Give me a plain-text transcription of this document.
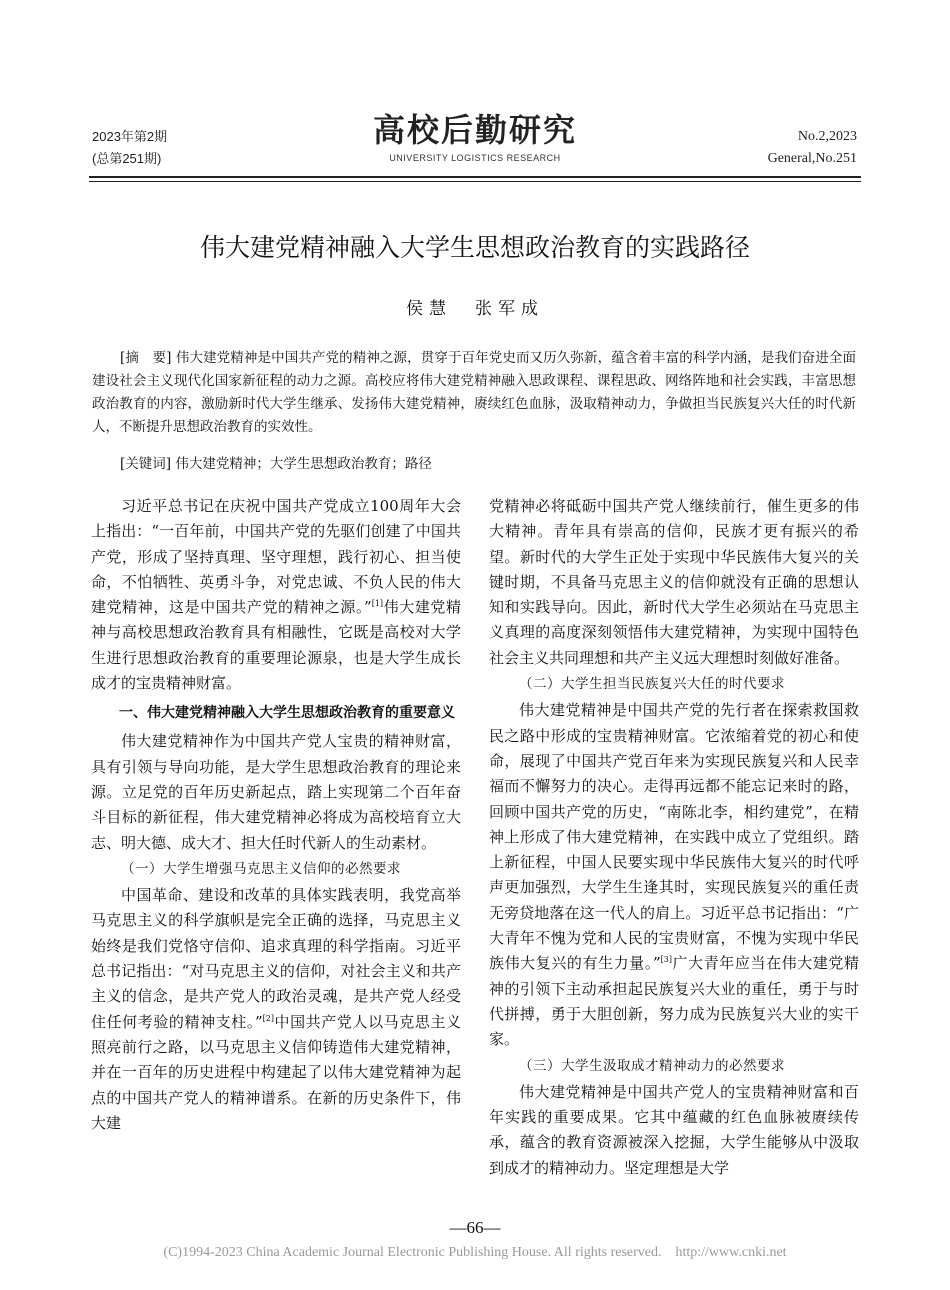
2023年第2期
(总第251期)
高校后勤研究
UNIVERSITY LOGISTICS RESEARCH
No.2,2023
General,No.251
伟大建党精神融入大学生思想政治教育的实践路径
侯慧　张军成
[摘　要] 伟大建党精神是中国共产党的精神之源，贯穿于百年党史而又历久弥新，蕴含着丰富的科学内涵，是我们奋进全面建设社会主义现代化国家新征程的动力之源。高校应将伟大建党精神融入思政课程、课程思政、网络阵地和社会实践，丰富思想政治教育的内容，激励新时代大学生继承、发扬伟大建党精神，赓续红色血脉，汲取精神动力，争做担当民族复兴大任的时代新人，不断提升思想政治教育的实效性。
[关键词] 伟大建党精神；大学生思想政治教育；路径

习近平总书记在庆祝中国共产党成立100周年大会上指出：“一百年前，中国共产党的先驱们创建了中国共产党，形成了坚持真理、坚守理想，践行初心、担当使命，不怕牺牲、英勇斗争，对党忠诚、不负人民的伟大建党精神，这是中国共产党的精神之源。”[1]伟大建党精神与高校思想政治教育具有相融性，它既是高校对大学生进行思想政治教育的重要理论源泉，也是大学生成长成才的宝贵精神财富。

一、伟大建党精神融入大学生思想政治教育的重要意义

伟大建党精神作为中国共产党人宝贵的精神财富，具有引领与导向功能，是大学生思想政治教育的理论来源。立足党的百年历史新起点，踏上实现第二个百年奋斗目标的新征程，伟大建党精神必将成为高校培育立大志、明大德、成大才、担大任时代新人的生动素材。

（一）大学生增强马克思主义信仰的必然要求

中国革命、建设和改革的具体实践表明，我党高举马克思主义的科学旗帜是完全正确的选择，马克思主义始终是我们党恪守信仰、追求真理的科学指南。习近平总书记指出：“对马克思主义的信仰，对社会主义和共产主义的信念，是共产党人的政治灵魂，是共产党人经受住任何考验的精神支柱。”[2]中国共产党人以马克思主义照亮前行之路，以马克思主义信仰铸造伟大建党精神，并在一百年的历史进程中构建起了以伟大建党精神为起点的中国共产党人的精神谱系。在新的历史条件下，伟大建

党精神必将砥砺中国共产党人继续前行，催生更多的伟大精神。青年具有崇高的信仰，民族才更有振兴的希望。新时代的大学生正处于实现中华民族伟大复兴的关键时期，不具备马克思主义的信仰就没有正确的思想认知和实践导向。因此，新时代大学生必须站在马克思主义真理的高度深刻领悟伟大建党精神，为实现中国特色社会主义共同理想和共产主义远大理想时刻做好准备。

（二）大学生担当民族复兴大任的时代要求

伟大建党精神是中国共产党的先行者在探索救国救民之路中形成的宝贵精神财富。它浓缩着党的初心和使命，展现了中国共产党百年来为实现民族复兴和人民幸福而不懈努力的决心。走得再远都不能忘记来时的路，回顾中国共产党的历史，“南陈北李，相约建党”，在精神上形成了伟大建党精神，在实践中成立了党组织。踏上新征程，中国人民要实现中华民族伟大复兴的时代呼声更加强烈，大学生生逢其时，实现民族复兴的重任责无旁贷地落在这一代人的肩上。习近平总书记指出：“广大青年不愧为党和人民的宝贵财富，不愧为实现中华民族伟大复兴的有生力量。”[3]广大青年应当在伟大建党精神的引领下主动承担起民族复兴大业的重任，勇于与时代拼搏，勇于大胆创新，努力成为民族复兴大业的实干家。

（三）大学生汲取成才精神动力的必然要求

伟大建党精神是中国共产党人的宝贵精神财富和百年实践的重要成果。它其中蕴藏的红色血脉被赓续传承，蕴含的教育资源被深入挖掘，大学生能够从中汲取到成才的精神动力。坚定理想是大学

—66—
(C)1994-2023 China Academic Journal Electronic Publishing House. All rights reserved.　http://www.cnki.net
